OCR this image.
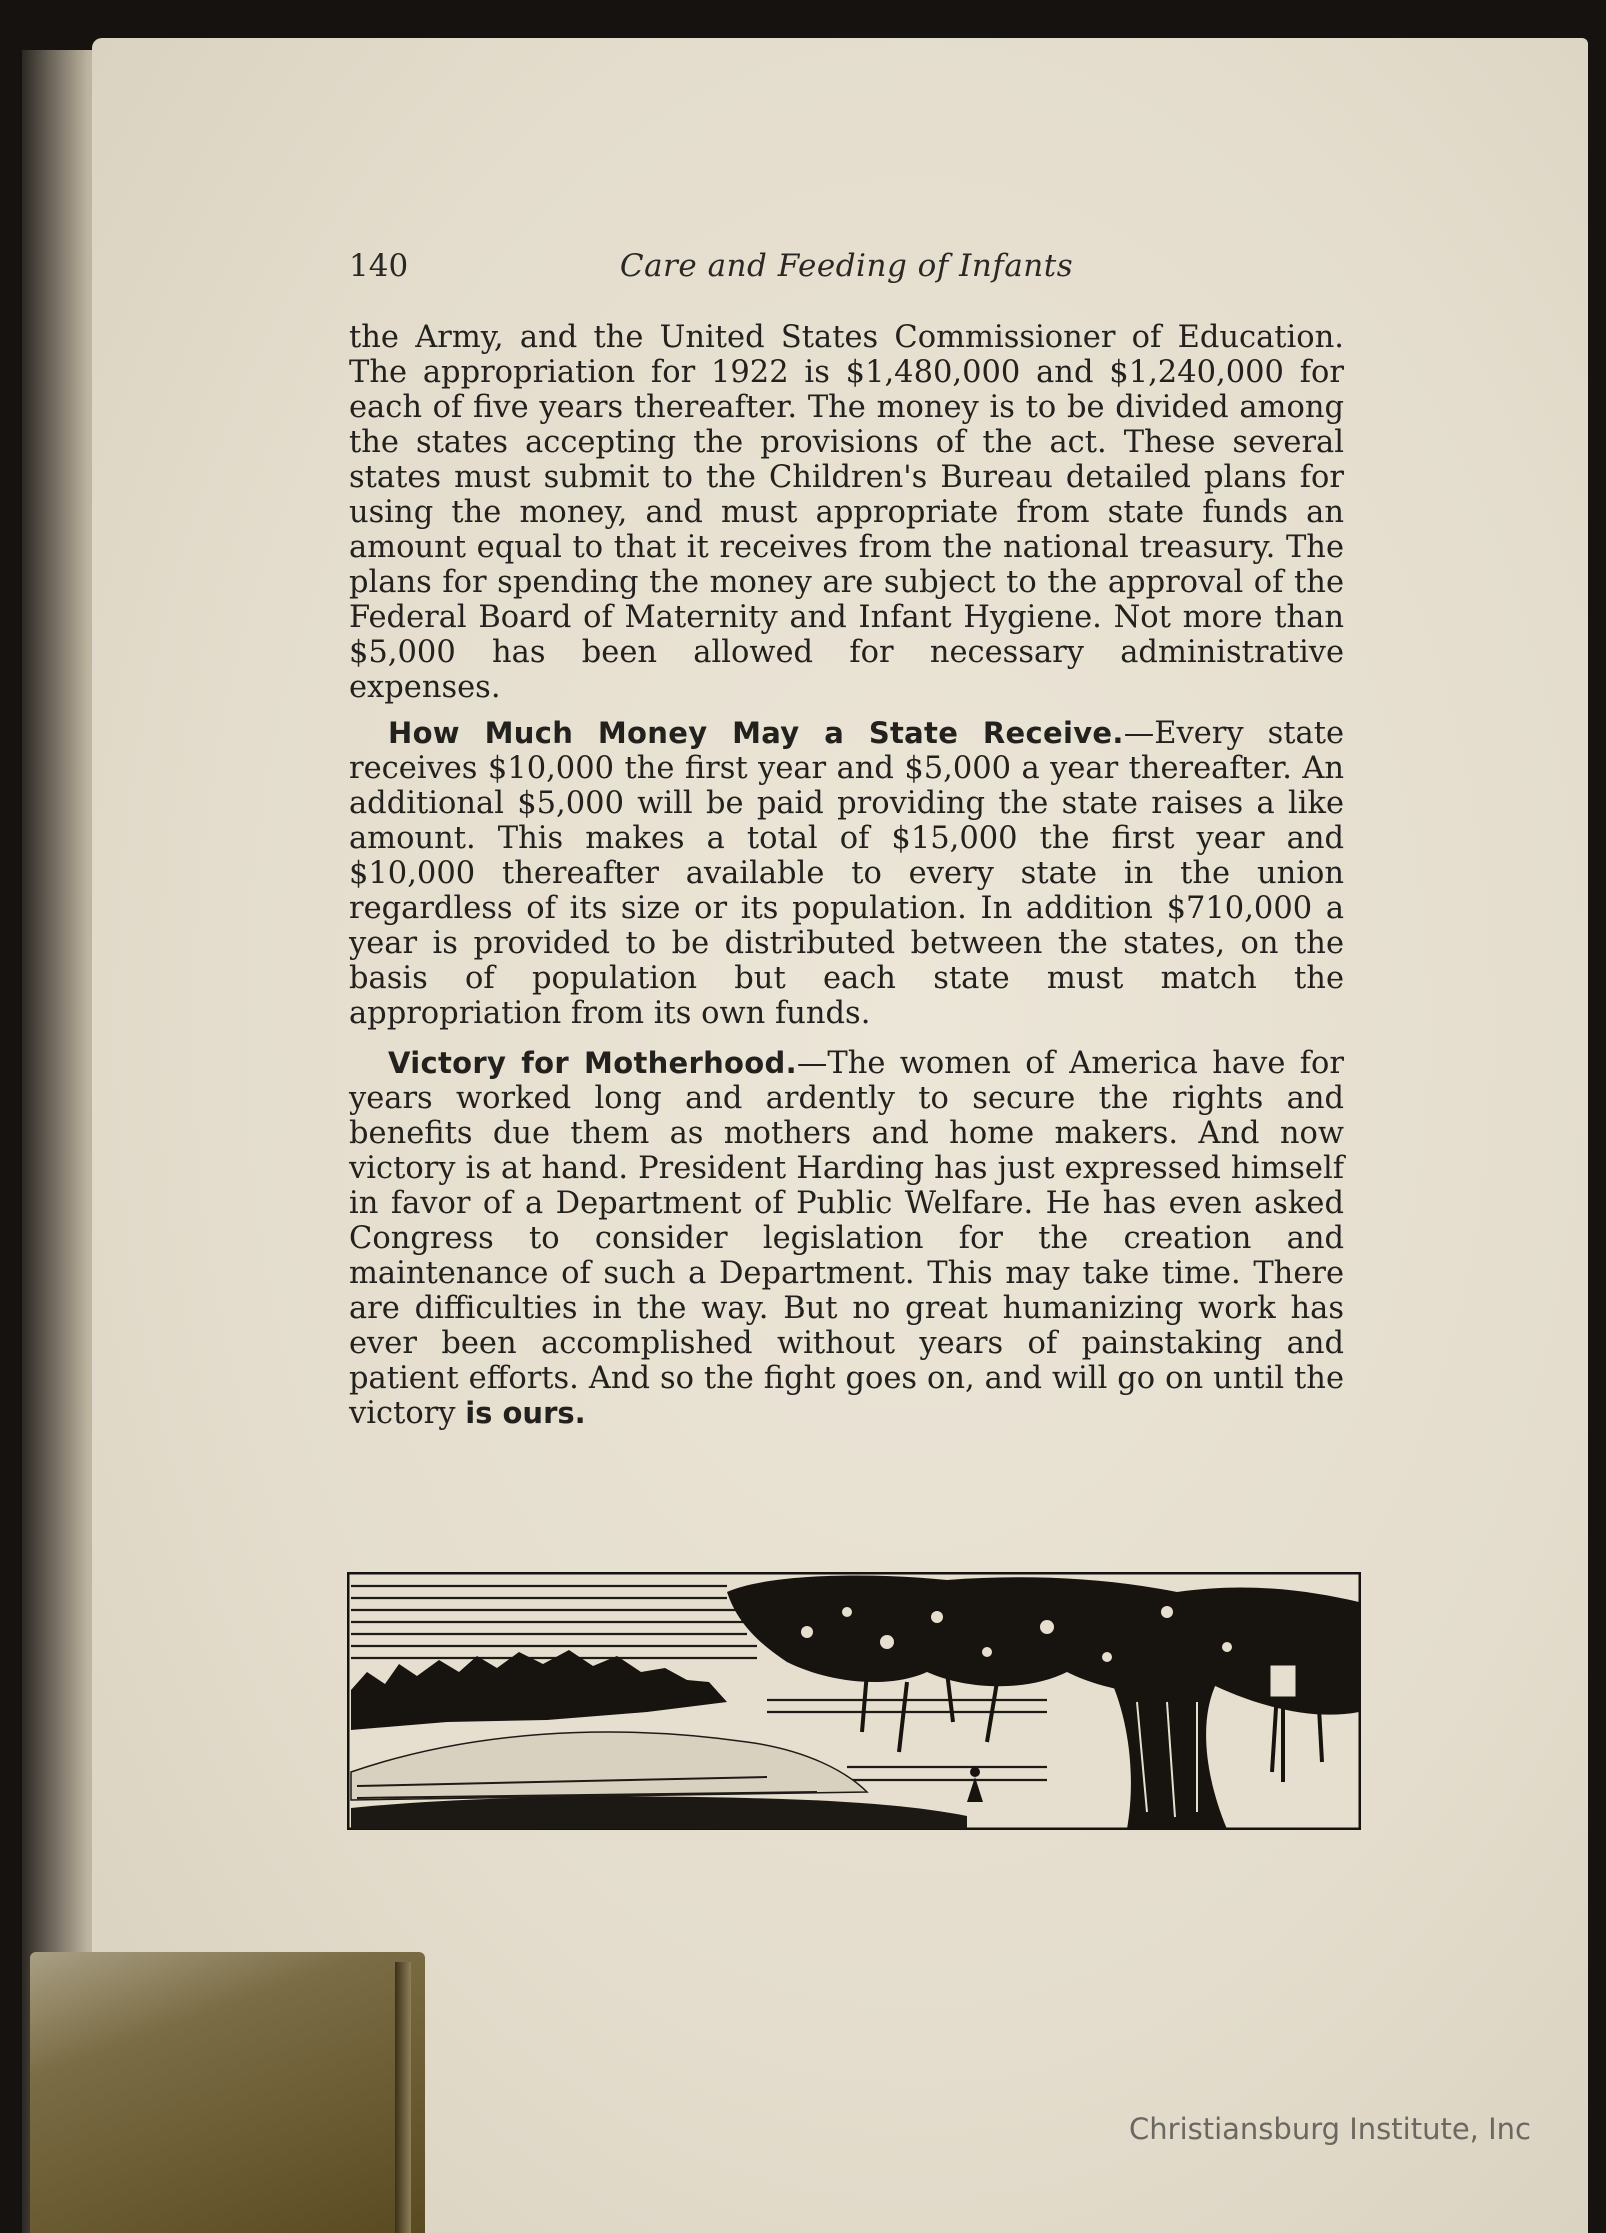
140	Care and Feeding of Infants
the Army, and the United States Commissioner of Education. The appropriation for 1922 is $1,480,000 and $1,240,000 for each of five years thereafter. The money is to be divided among the states accepting the provisions of the act. These several states must submit to the Children's Bureau detailed plans for using the money, and must appropriate from state funds an amount equal to that it receives from the national treasury. The plans for spending the money are subject to the approval of the Federal Board of Maternity and Infant Hygiene. Not more than $5,000 has been allowed for necessary administrative expenses.
How Much Money May a State Receive.—Every state receives $10,000 the first year and $5,000 a year thereafter. An additional $5,000 will be paid providing the state raises a like amount. This makes a total of $15,000 the first year and $10,000 thereafter available to every state in the union regardless of its size or its population. In addition $710,000 a year is provided to be distributed between the states, on the basis of population but each state must match the appropriation from its own funds.
Victory for Motherhood.—The women of America have for years worked long and ardently to secure the rights and benefits due them as mothers and home makers. And now victory is at hand. President Harding has just expressed himself in favor of a Department of Public Welfare. He has even asked Congress to consider legislation for the creation and maintenance of such a Department. This may take time. There are difficulties in the way. But no great humanizing work has ever been accomplished without years of painstaking and patient efforts. And so the fight goes on, and will go on until the victory is ours.
Christiansburg Institute, Inc
